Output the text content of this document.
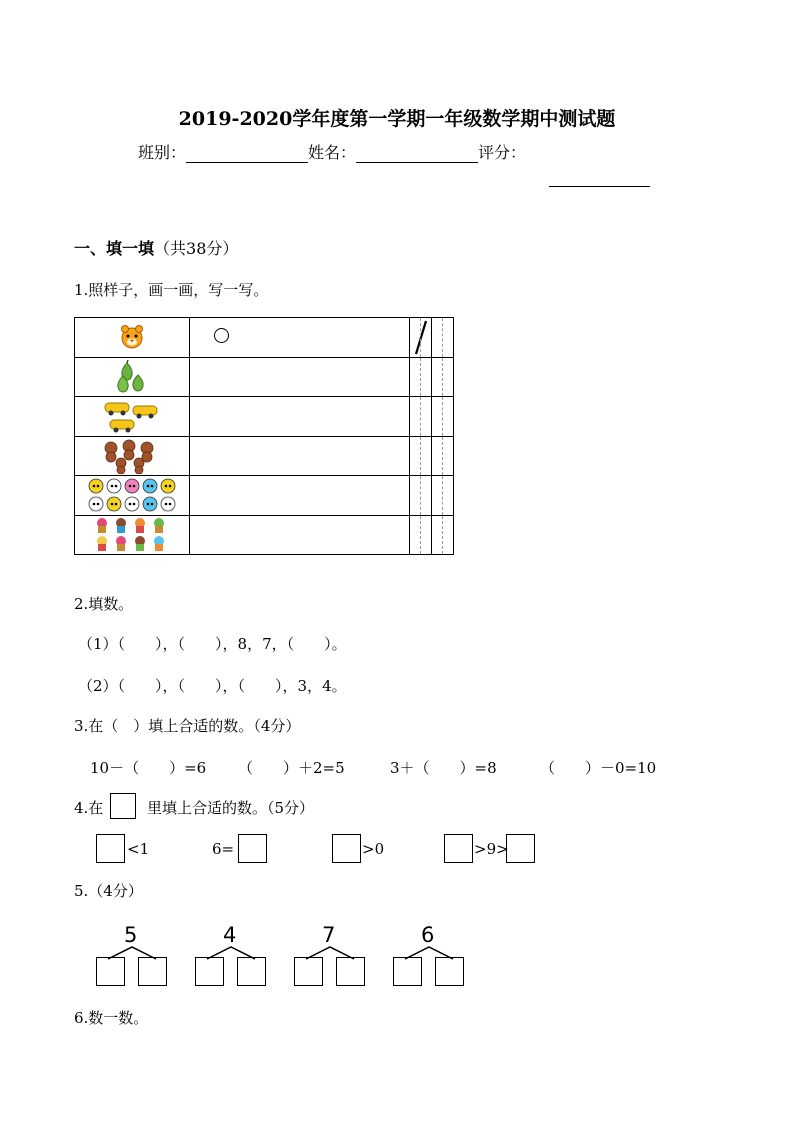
2019-2020学年度第一学期一年级数学期中测试题
班别：	姓名：	评分：
一、填一填（共38分）
1.照样子，画一画，写一写。

2.填数。
（1）（　　），（　　），8，7，（　　）。
（2）（　　），（　　），（　　），3，4。
3.在（　）填上合适的数。（4分）
10－（　　）=6 （　　）＋2=5	3＋（　　）=8	（　　）－0=10
4.在	里填上合适的数。（5分）
<1	6=	>0	>9>
5.（4分）
5	4	7	6
6.数一数。
